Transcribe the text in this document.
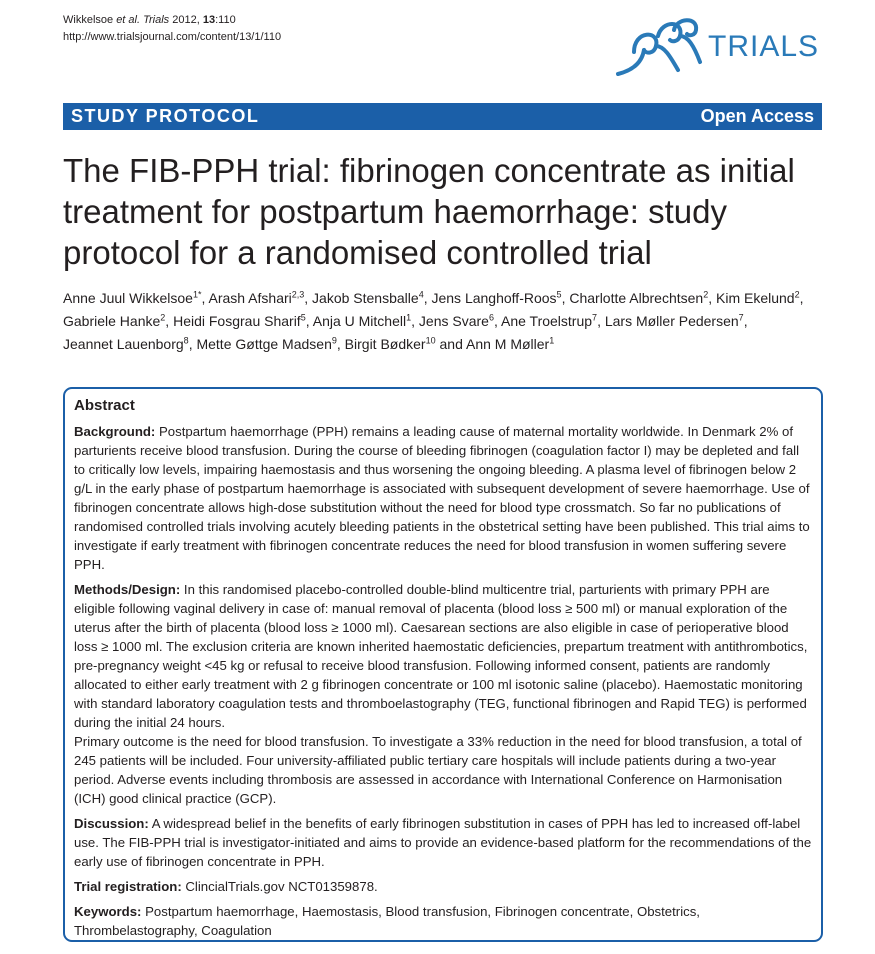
Wikkelsoe et al. Trials 2012, 13:110
http://www.trialsjournal.com/content/13/1/110	TRIALS
STUDY PROTOCOL	Open Access
The FIB-PPH trial: fibrinogen concentrate as initial treatment for postpartum haemorrhage: study protocol for a randomised controlled trial
Anne Juul Wikkelsoe$^{1*}$, Arash Afshari$^{2,3}$, Jakob Stensballe$^4$, Jens Langhoff-Roos$^5$, Charlotte Albrechtsen$^2$, Kim Ekelund$^2$, Gabriele Hanke$^2$, Heidi Fosgrau Sharif$^5$, Anja U Mitchell$^1$, Jens Svare$^6$, Ane Troelstrup$^7$, Lars Møller Pedersen$^7$, Jeannet Lauenborg$^8$, Mette Gøttge Madsen$^9$, Birgit Bødker$^{10}$ and Ann M Møller$^1$
Abstract

Background: Postpartum haemorrhage (PPH) remains a leading cause of maternal mortality worldwide. In Denmark 2% of parturients receive blood transfusion. During the course of bleeding fibrinogen (coagulation factor I) may be depleted and fall to critically low levels, impairing haemostasis and thus worsening the ongoing bleeding. A plasma level of fibrinogen below 2 g/L in the early phase of postpartum haemorrhage is associated with subsequent development of severe haemorrhage. Use of fibrinogen concentrate allows high-dose substitution without the need for blood type crossmatch. So far no publications of randomised controlled trials involving acutely bleeding patients in the obstetrical setting have been published. This trial aims to investigate if early treatment with fibrinogen concentrate reduces the need for blood transfusion in women suffering severe PPH.

Methods/Design: In this randomised placebo-controlled double-blind multicentre trial, parturients with primary PPH are eligible following vaginal delivery in case of: manual removal of placenta (blood loss ≥ 500 ml) or manual exploration of the uterus after the birth of placenta (blood loss ≥ 1000 ml). Caesarean sections are also eligible in case of perioperative blood loss ≥ 1000 ml. The exclusion criteria are known inherited haemostatic deficiencies, prepartum treatment with antithrombotics, pre-pregnancy weight <45 kg or refusal to receive blood transfusion. Following informed consent, patients are randomly allocated to either early treatment with 2 g fibrinogen concentrate or 100 ml isotonic saline (placebo). Haemostatic monitoring with standard laboratory coagulation tests and thromboelastography (TEG, functional fibrinogen and Rapid TEG) is performed during the initial 24 hours.

Primary outcome is the need for blood transfusion. To investigate a 33% reduction in the need for blood transfusion, a total of 245 patients will be included. Four university-affiliated public tertiary care hospitals will include patients during a two-year period. Adverse events including thrombosis are assessed in accordance with International Conference on Harmonisation (ICH) good clinical practice (GCP).

Discussion: A widespread belief in the benefits of early fibrinogen substitution in cases of PPH has led to increased off-label use. The FIB-PPH trial is investigator-initiated and aims to provide an evidence-based platform for the recommendations of the early use of fibrinogen concentrate in PPH.

Trial registration: ClincialTrials.gov NCT01359878.

Keywords: Postpartum haemorrhage, Haemostasis, Blood transfusion, Fibrinogen concentrate, Obstetrics, Thrombelastography, Coagulation
